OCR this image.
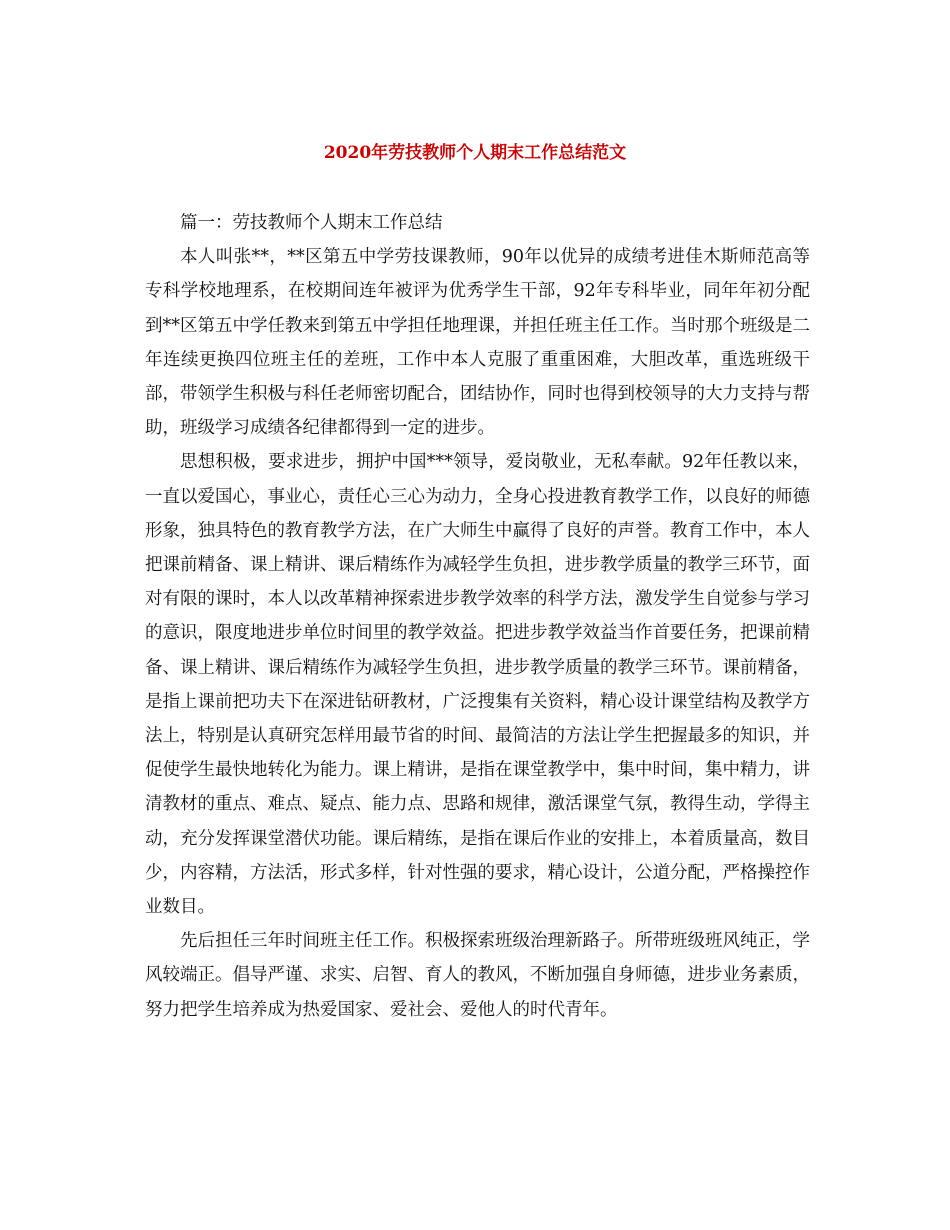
2020年劳技教师个人期末工作总结范文

篇一：劳技教师个人期末工作总结

本人叫张**，**区第五中学劳技课教师，90年以优异的成绩考进佳木斯师范高等专科学校地理系，在校期间连年被评为优秀学生干部，92年专科毕业，同年年初分配到**区第五中学任教来到第五中学担任地理课，并担任班主任工作。当时那个班级是二年连续更换四位班主任的差班，工作中本人克服了重重困难，大胆改革，重选班级干部，带领学生积极与科任老师密切配合，团结协作，同时也得到校领导的大力支持与帮助，班级学习成绩各纪律都得到一定的进步。

思想积极，要求进步，拥护中国***领导，爱岗敬业，无私奉献。92年任教以来，一直以爱国心，事业心，责任心三心为动力，全身心投进教育教学工作，以良好的师德形象，独具特色的教育教学方法，在广大师生中赢得了良好的声誉。教育工作中，本人把课前精备、课上精讲、课后精练作为减轻学生负担，进步教学质量的教学三环节，面对有限的课时，本人以改革精神探索进步教学效率的科学方法，激发学生自觉参与学习的意识，限度地进步单位时间里的教学效益。把进步教学效益当作首要任务，把课前精备、课上精讲、课后精练作为减轻学生负担，进步教学质量的教学三环节。课前精备，是指上课前把功夫下在深进钻研教材，广泛搜集有关资料，精心设计课堂结构及教学方法上，特别是认真研究怎样用最节省的时间、最简洁的方法让学生把握最多的知识，并促使学生最快地转化为能力。课上精讲，是指在课堂教学中，集中时间，集中精力，讲清教材的重点、难点、疑点、能力点、思路和规律，激活课堂气氛，教得生动，学得主动，充分发挥课堂潜伏功能。课后精练，是指在课后作业的安排上，本着质量高，数目少，内容精，方法活，形式多样，针对性强的要求，精心设计，公道分配，严格操控作业数目。

先后担任三年时间班主任工作。积极探索班级治理新路子。所带班级班风纯正，学风较端正。倡导严谨、求实、启智、育人的教风，不断加强自身师德，进步业务素质，努力把学生培养成为热爱国家、爱社会、爱他人的时代青年。
